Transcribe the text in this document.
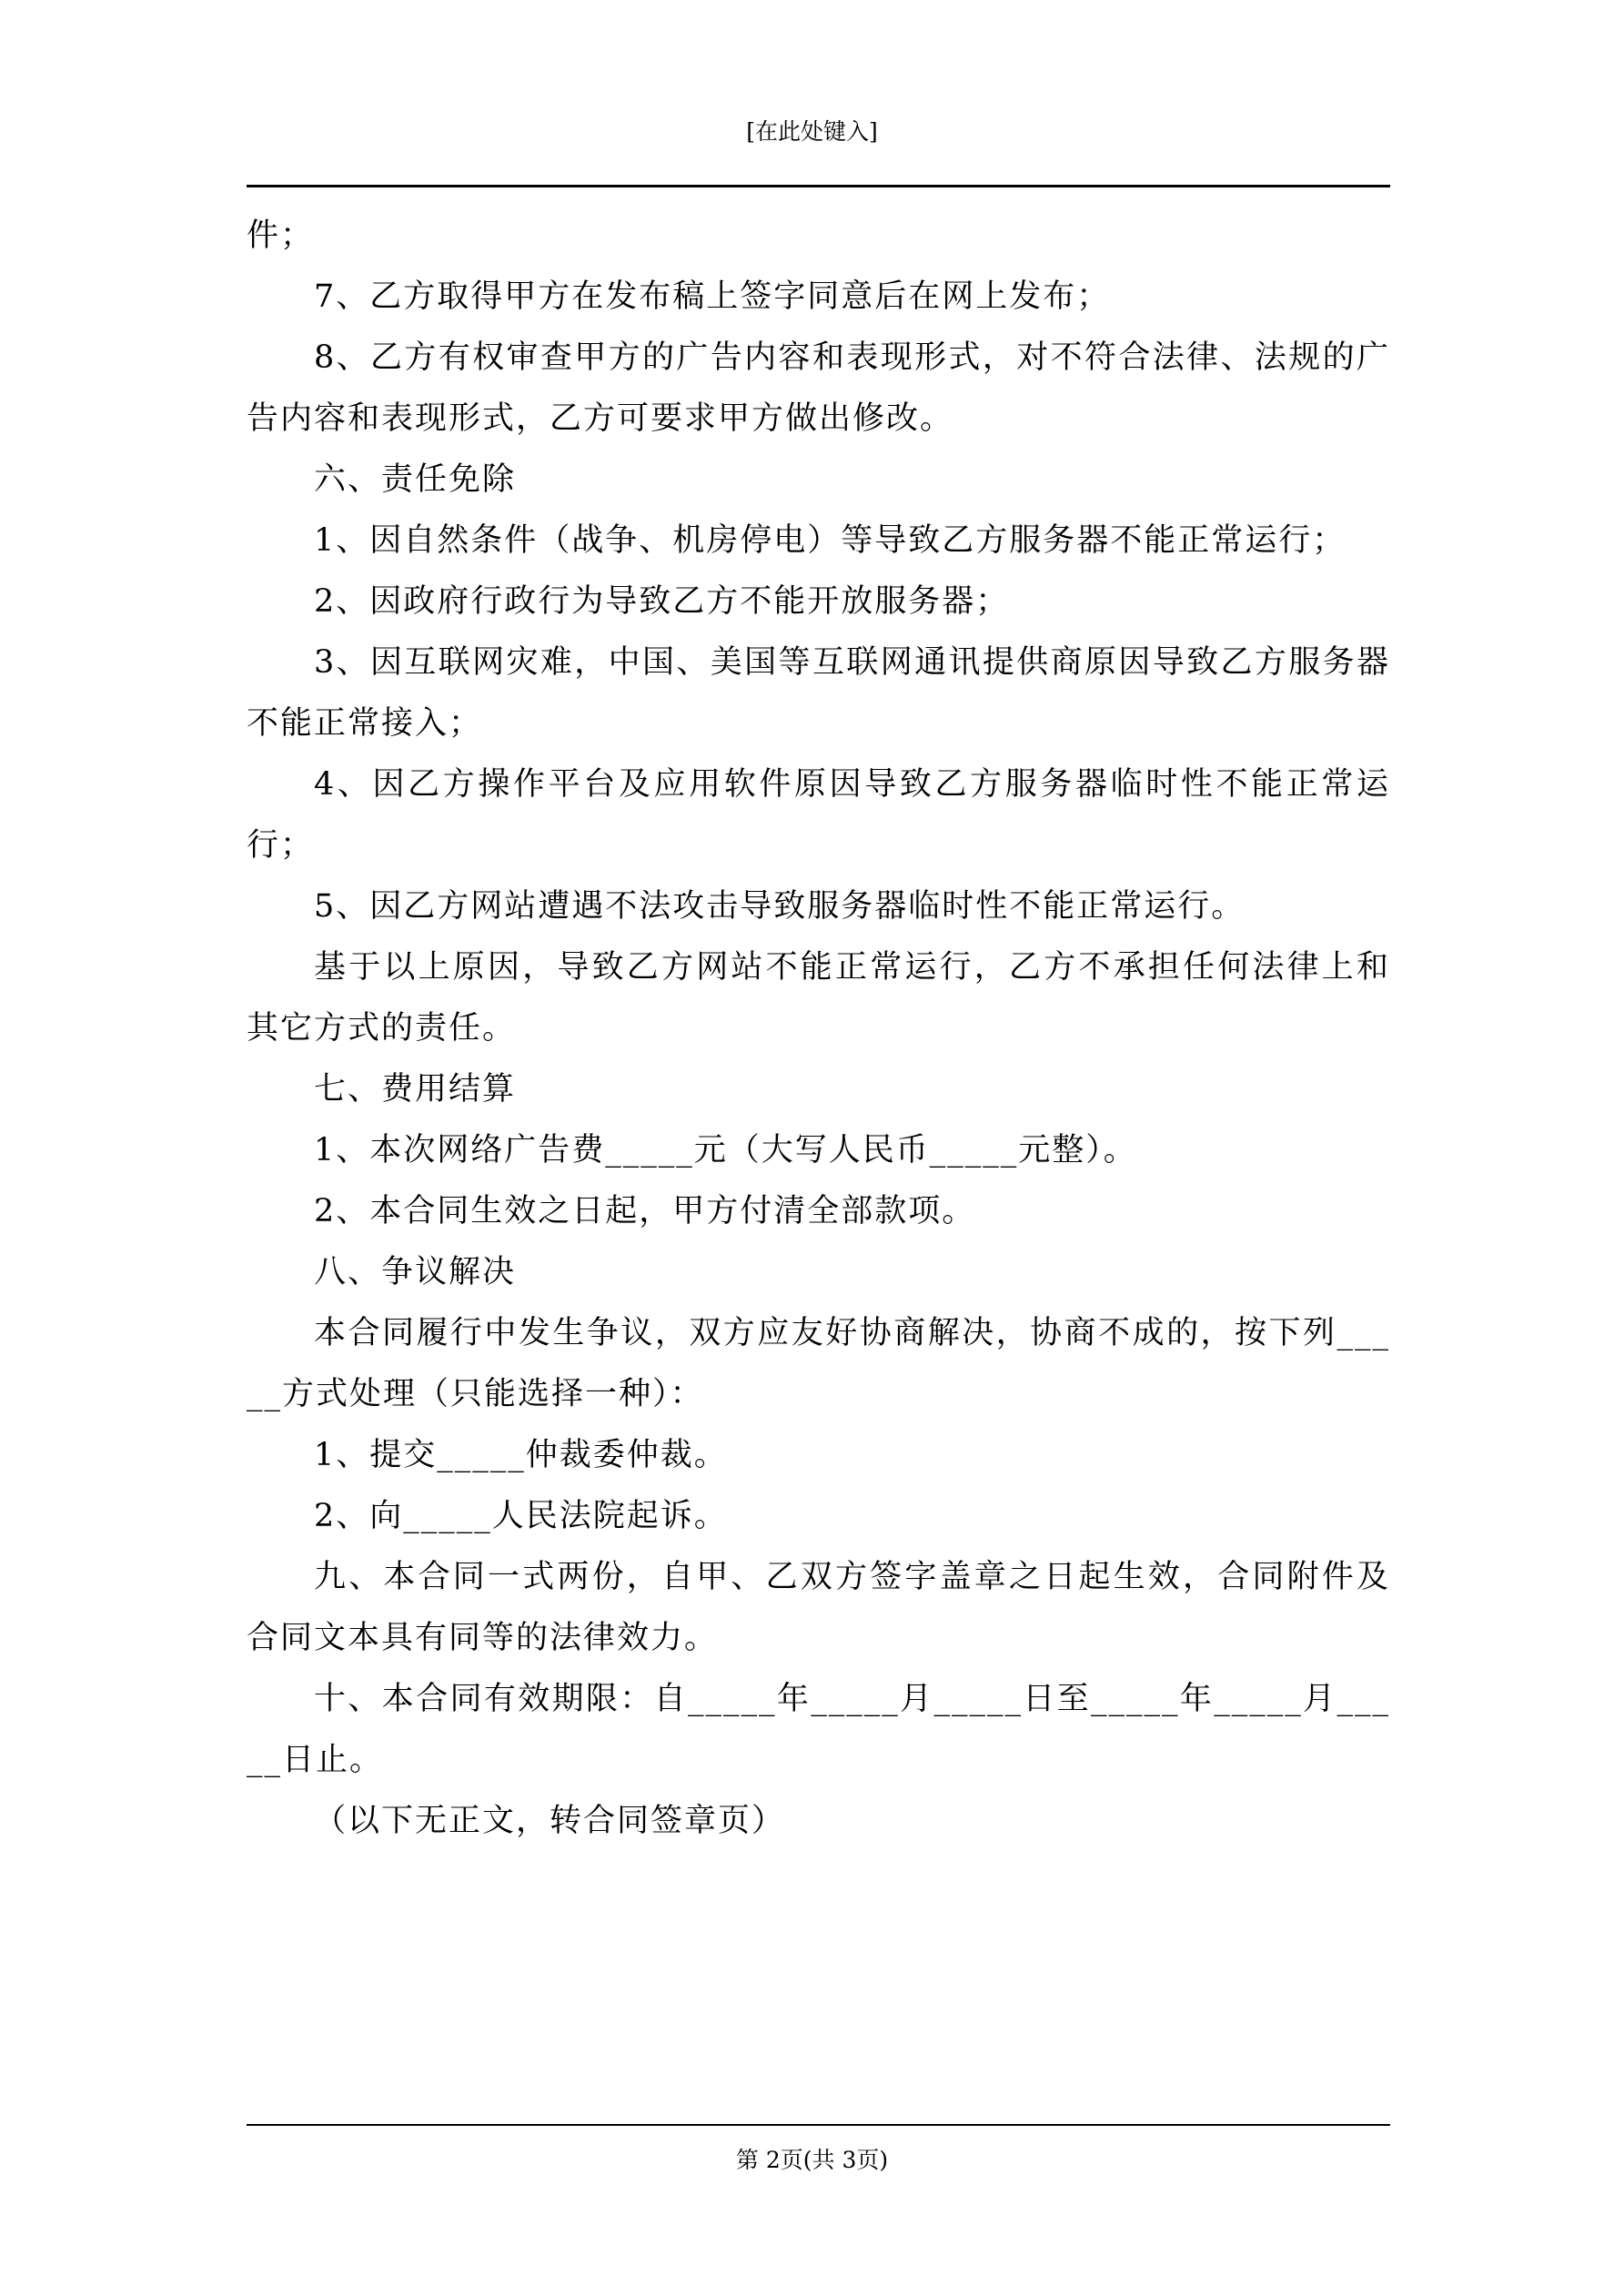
[在此处键入]

件；

7、乙方取得甲方在发布稿上签字同意后在网上发布；

8、乙方有权审查甲方的广告内容和表现形式，对不符合法律、法规的广告内容和表现形式，乙方可要求甲方做出修改。

六、责任免除

1、因自然条件（战争、机房停电）等导致乙方服务器不能正常运行；

2、因政府行政行为导致乙方不能开放服务器；

3、因互联网灾难，中国、美国等互联网通讯提供商原因导致乙方服务器不能正常接入；

4、因乙方操作平台及应用软件原因导致乙方服务器临时性不能正常运行；

5、因乙方网站遭遇不法攻击导致服务器临时性不能正常运行。

基于以上原因，导致乙方网站不能正常运行，乙方不承担任何法律上和其它方式的责任。

七、费用结算

1、本次网络广告费_____元（大写人民币_____元整）。

2、本合同生效之日起，甲方付清全部款项。

八、争议解决

本合同履行中发生争议，双方应友好协商解决，协商不成的，按下列_____方式处理（只能选择一种）：

1、提交_____仲裁委仲裁。

2、向_____人民法院起诉。

九、本合同一式两份，自甲、乙双方签字盖章之日起生效，合同附件及合同文本具有同等的法律效力。

十、本合同有效期限：自_____年_____月_____日至_____年_____月_____日止。

（以下无正文，转合同签章页）

第 2页(共 3页)
